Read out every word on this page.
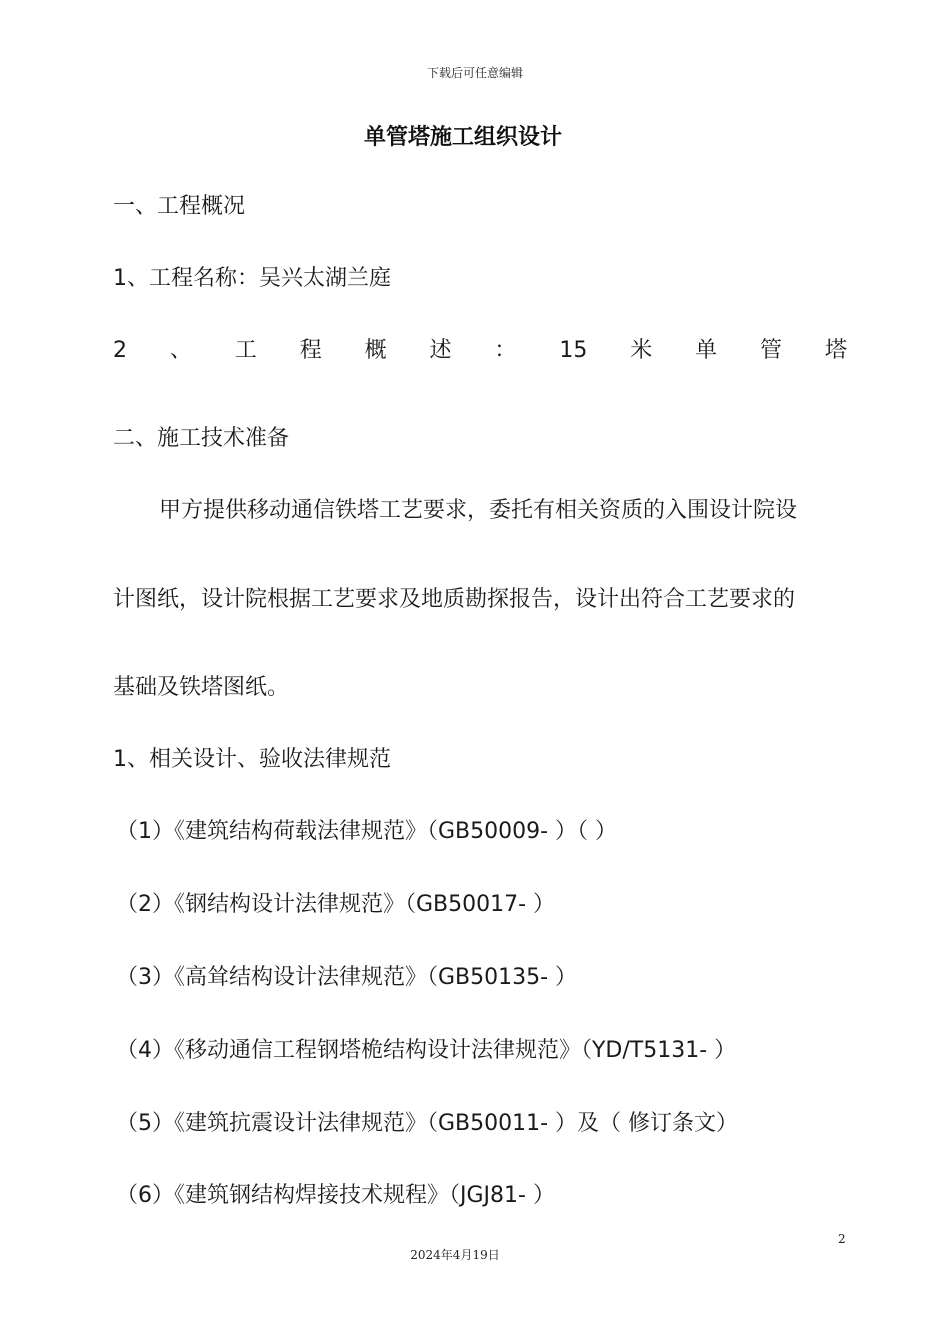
下载后可任意编辑
单管塔施工组织设计
一、工程概况
1、工程名称：吴兴太湖兰庭
2 、 工 程 概 述 ： 15 米 单 管 塔
二、施工技术准备
甲方提供移动通信铁塔工艺要求，委托有相关资质的入围设计院设
计图纸，设计院根据工艺要求及地质勘探报告，设计出符合工艺要求的
基础及铁塔图纸。
1、相关设计、验收法律规范
（1）《建筑结构荷载法律规范》（GB50009- ）（ ）
（2）《钢结构设计法律规范》（GB50017- ）
（3）《高耸结构设计法律规范》（GB50135- ）
（4）《移动通信工程钢塔桅结构设计法律规范》（YD/T5131- ）
（5）《建筑抗震设计法律规范》（GB50011- ）及（ 修订条文）
（6）《建筑钢结构焊接技术规程》（JGJ81- ）
2
2024年4月19日
